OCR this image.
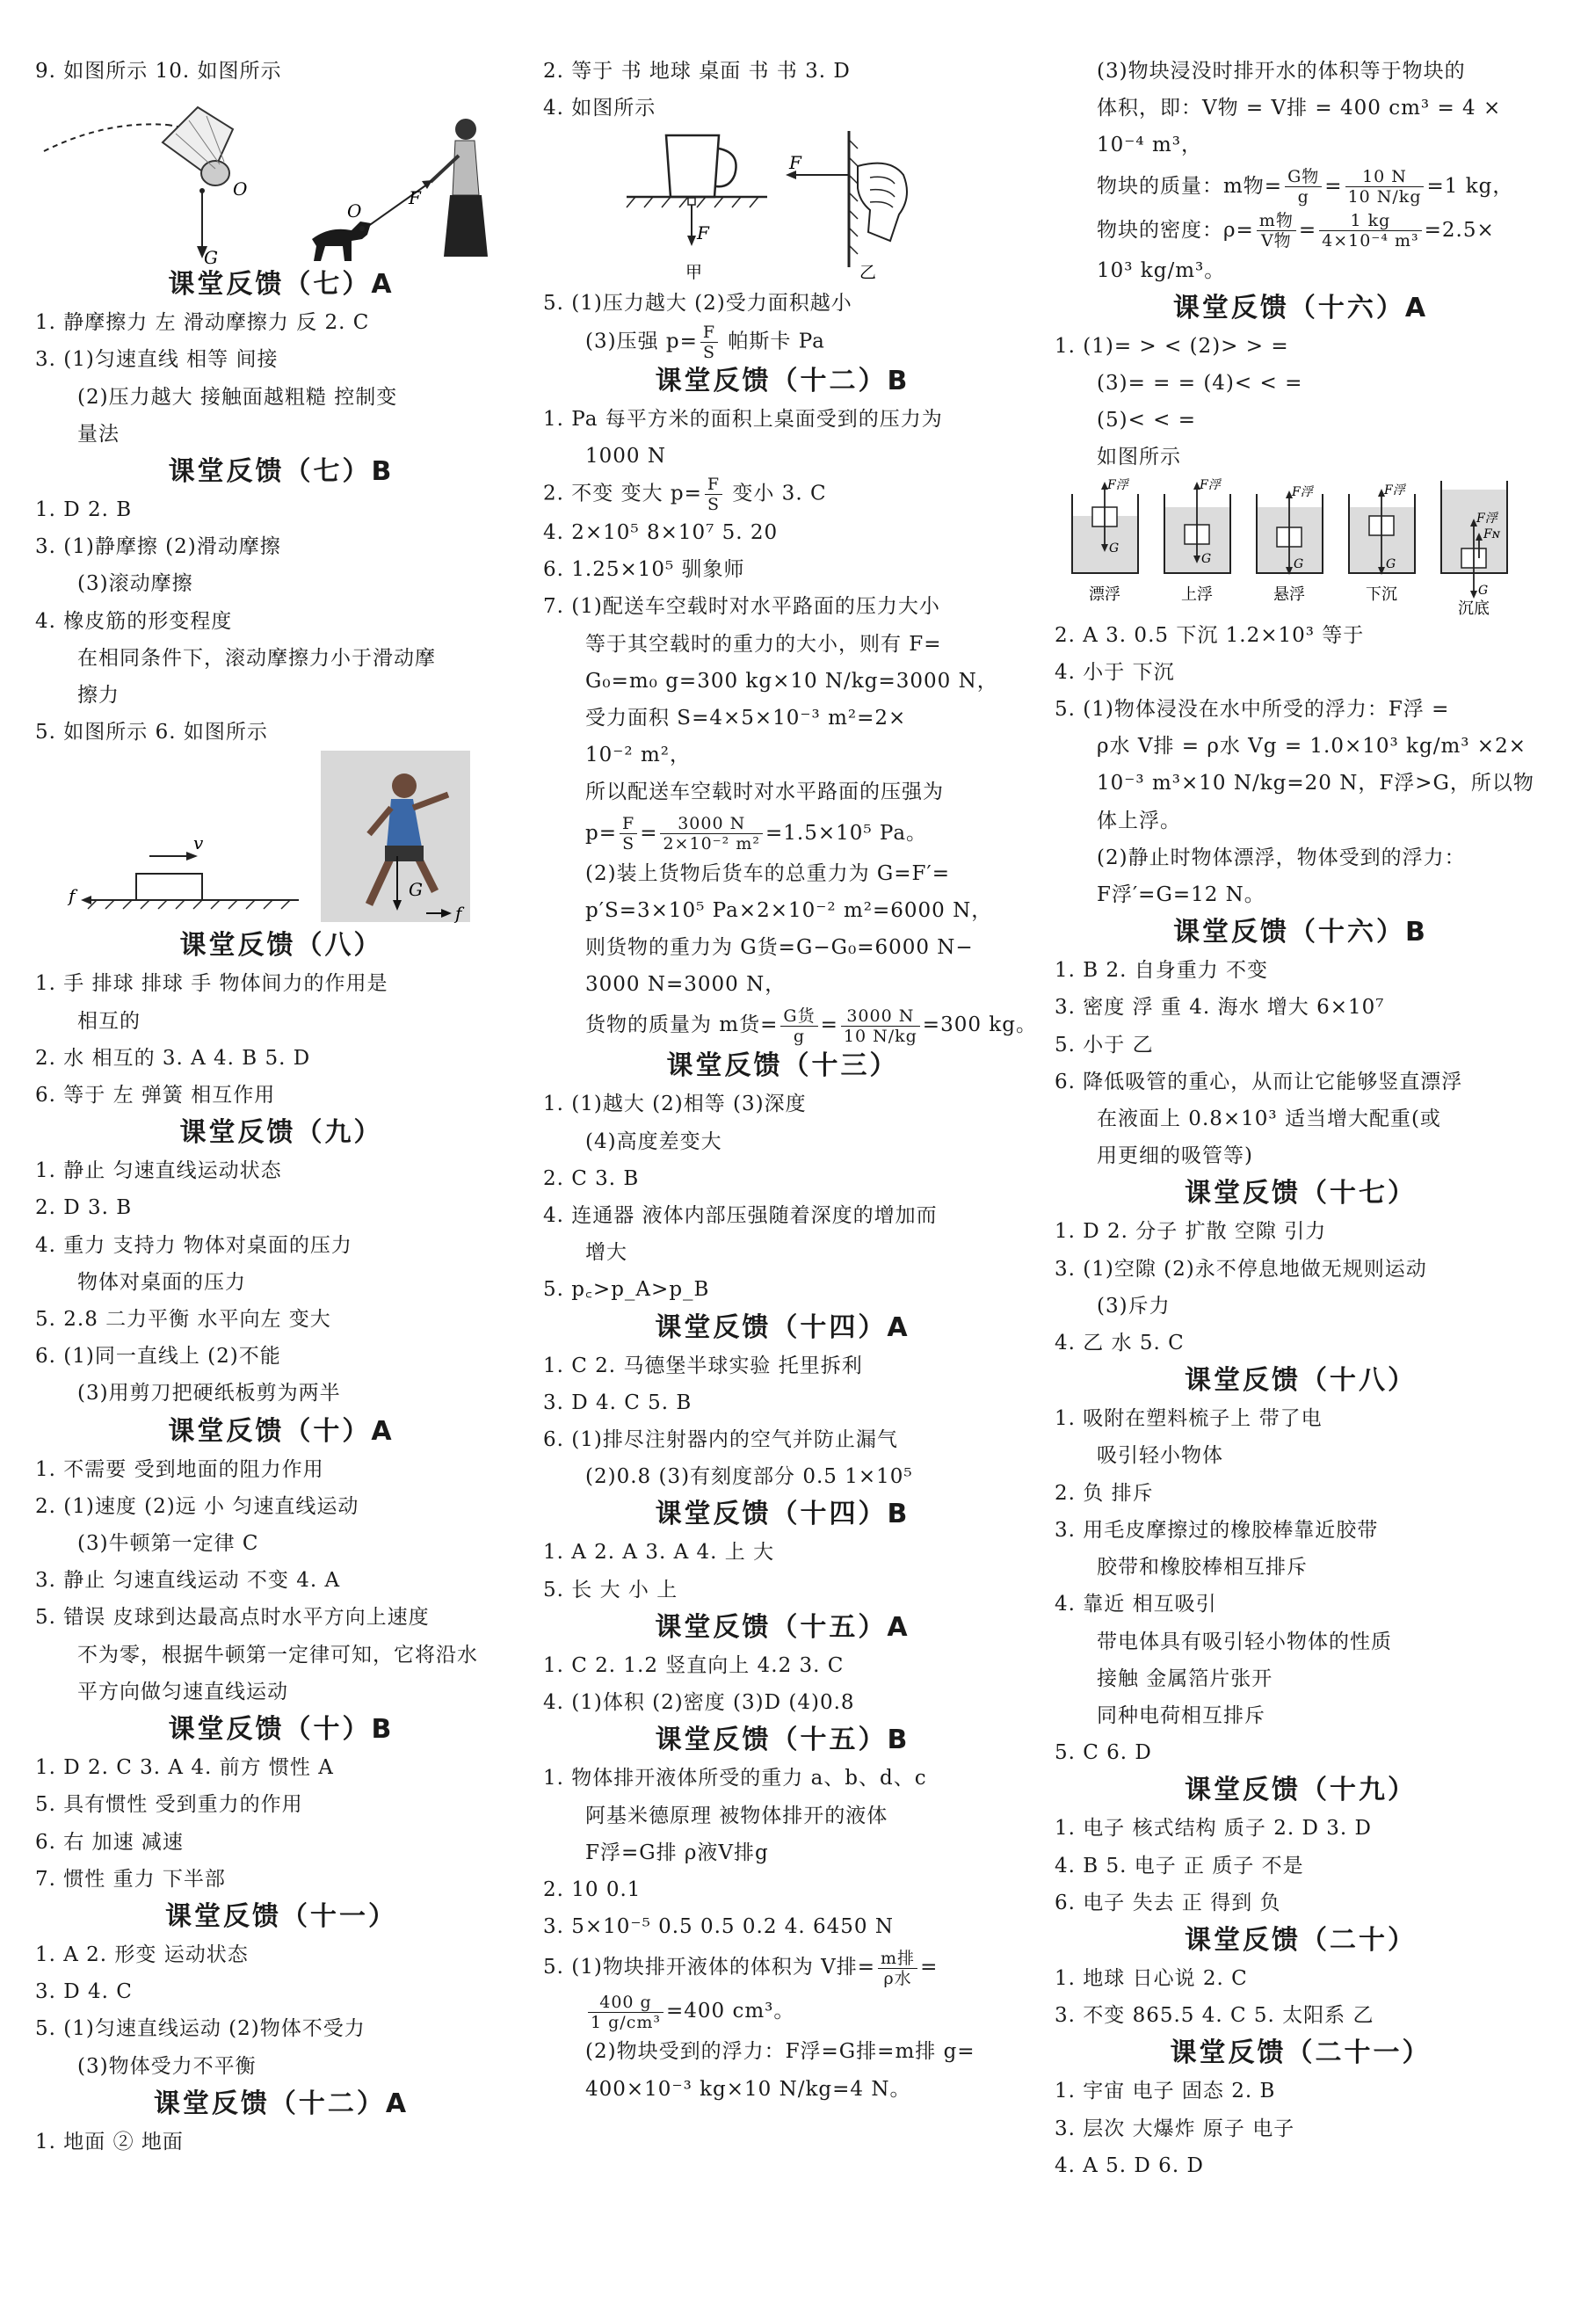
9. 如图所示 10. 如图所示
O
G
F
O
课堂反馈（七）A
1. 静摩擦力 左 滑动摩擦力 反 2. C
3. (1)匀速直线 相等 间接
(2)压力越大 接触面越粗糙 控制变
量法
课堂反馈（七）B
1. D 2. B
3. (1)静摩擦 (2)滑动摩擦
(3)滚动摩擦
4. 橡皮筋的形变程度
在相同条件下，滚动摩擦力小于滑动摩
擦力
5. 如图所示 6. 如图所示
v
f	G
f
课堂反馈（八）
1. 手 排球 排球 手 物体间力的作用是
相互的
2. 水 相互的 3. A 4. B 5. D
6. 等于 左 弹簧 相互作用
课堂反馈（九）
1. 静止 匀速直线运动状态
2. D 3. B
4. 重力 支持力 物体对桌面的压力
物体对桌面的压力
5. 2.8 二力平衡 水平向左 变大
6. (1)同一直线上 (2)不能
(3)用剪刀把硬纸板剪为两半
课堂反馈（十）A
1. 不需要 受到地面的阻力作用
2. (1)速度 (2)远 小 匀速直线运动
(3)牛顿第一定律 C
3. 静止 匀速直线运动 不变 4. A
5. 错误 皮球到达最高点时水平方向上速度
不为零，根据牛顿第一定律可知，它将沿水
平方向做匀速直线运动
课堂反馈（十）B
1. D 2. C 3. A 4. 前方 惯性 A
5. 具有惯性 受到重力的作用
6. 右 加速 减速
7. 惯性 重力 下半部
课堂反馈（十一）
1. A 2. 形变 运动状态
3. D 4. C
5. (1)匀速直线运动 (2)物体不受力
(3)物体受力不平衡
课堂反馈（十二）A
1. 地面 ② 地面
2. 等于 书 地球 桌面 书 书 3. D
4. 如图所示
F
甲
F
乙
5. (1)压力越大 (2)受力面积越小
(3)压强 $p= \frac{F}{S}$ 帕斯卡 Pa
课堂反馈（十二）B
1. Pa 每平方米的面积上桌面受到的压力为
1000 N
2. 不变 变大 $p= \frac{F}{S}$ 变小 3. C
4. 2×10⁵ 8×10⁷ 5. 20
6. 1.25×10⁵ 驯象师
7. (1)配送车空载时对水平路面的压力大小
等于其空载时的重力的大小，则有 F=
G₀=m₀ g=300 kg×10 N/kg=3000 N，
受力面积 S=4×5×10⁻³ m²=2×
10⁻² m²，
所以配送车空载时对水平路面的压强为
$p= \frac{F}{S} = \frac{3000 N}{\text{2×10⁻² m²}} =1.5\times 10^5$ Pa。
(2)装上货物后货车的总重力为 G=F′=
p′S=3×10⁵ Pa×2×10⁻² m²=6000 N，
则货物的重力为 G货=G−G₀=6000 N−
3000 N=3000 N，
货物的质量为 m货= $\frac{\text{G货}}{g} = \frac{3000 N}{10 N/kg} =300$ kg。
课堂反馈（十三）
1. (1)越大 (2)相等 (3)深度
(4)高度差变大
2. C 3. B
4. 连通器 液体内部压强随着深度的增加而
增大
5. p꜀>p_A>p_B
课堂反馈（十四）A
1. C 2. 马德堡半球实验 托里拆利
3. D 4. C 5. B
6. (1)排尽注射器内的空气并防止漏气
(2)0.8 (3)有刻度部分 0.5 1×10⁵
课堂反馈（十四）B
1. A 2. A 3. A 4. 上 大
5. 长 大 小 上
课堂反馈（十五）A
1. C 2. 1.2 竖直向上 4.2 3. C
4. (1)体积 (2)密度 (3)D (4)0.8
课堂反馈（十五）B
1. 物体排开液体所受的重力 a、b、d、c
阿基米德原理 被物体排开的液体
F浮=G排 ρ液V排g
2. 10 0.1
3. 5×10⁻⁵ 0.5 0.5 0.2 4. 6450 N
5. (1)物块排开液体的体积为 V排= $\frac{\text{m排}}{\text{ρ水}}$ =
$\frac{400 g}{\text{1 g/cm³}} =400$ cm³。
(2)物块受到的浮力：F浮=G排=m排 g=
400×10⁻³ kg×10 N/kg=4 N。
(3)物块浸没时排开水的体积等于物块的
体积，即：V物 = V排 = 400 cm³ = 4 ×
10⁻⁴ m³，
物块的质量：m物= $\frac{\text{G物}}{g} = \frac{10 N}{10 N/kg} =1$ kg，
物块的密度：$\rho= \frac{\text{m物}}{\text{V物}} = \frac{1 kg}{\text{4×10⁻⁴ m³}} =2.5\times$
10³ kg/m³。
课堂反馈（十六）A
1. (1)= > < (2)> > =
(3)= = = (4)< < =
(5)< < =
如图所示
F浮
G
F浮
G
F浮
G
F浮
G
F浮
Fɴ
G
漂浮	上浮	悬浮	下沉
沉底
2. A 3. 0.5 下沉 1.2×10³ 等于
4. 小于 下沉
5. (1)物体浸没在水中所受的浮力：F浮 =
ρ水 V排 = ρ水 Vg = 1.0×10³ kg/m³ ×2×
10⁻³ m³×10 N/kg=20 N，F浮>G，所以物
体上浮。
(2)静止时物体漂浮，物体受到的浮力：
F浮′=G=12 N。
课堂反馈（十六）B
1. B 2. 自身重力 不变
3. 密度 浮 重 4. 海水 增大 6×10⁷
5. 小于 乙
6. 降低吸管的重心，从而让它能够竖直漂浮
在液面上 0.8×10³ 适当增大配重(或
用更细的吸管等)
课堂反馈（十七）
1. D 2. 分子 扩散 空隙 引力
3. (1)空隙 (2)永不停息地做无规则运动
(3)斥力
4. 乙 水 5. C
课堂反馈（十八）
1. 吸附在塑料梳子上 带了电
吸引轻小物体
2. 负 排斥
3. 用毛皮摩擦过的橡胶棒靠近胶带
胶带和橡胶棒相互排斥
4. 靠近 相互吸引
带电体具有吸引轻小物体的性质
接触 金属箔片张开
同种电荷相互排斥
5. C 6. D
课堂反馈（十九）
1. 电子 核式结构 质子 2. D 3. D
4. B 5. 电子 正 质子 不是
6. 电子 失去 正 得到 负
课堂反馈（二十）
1. 地球 日心说 2. C
3. 不变 865.5 4. C 5. 太阳系 乙
课堂反馈（二十一）
1. 宇宙 电子 固态 2. B
3. 层次 大爆炸 原子 电子
4. A 5. D 6. D
